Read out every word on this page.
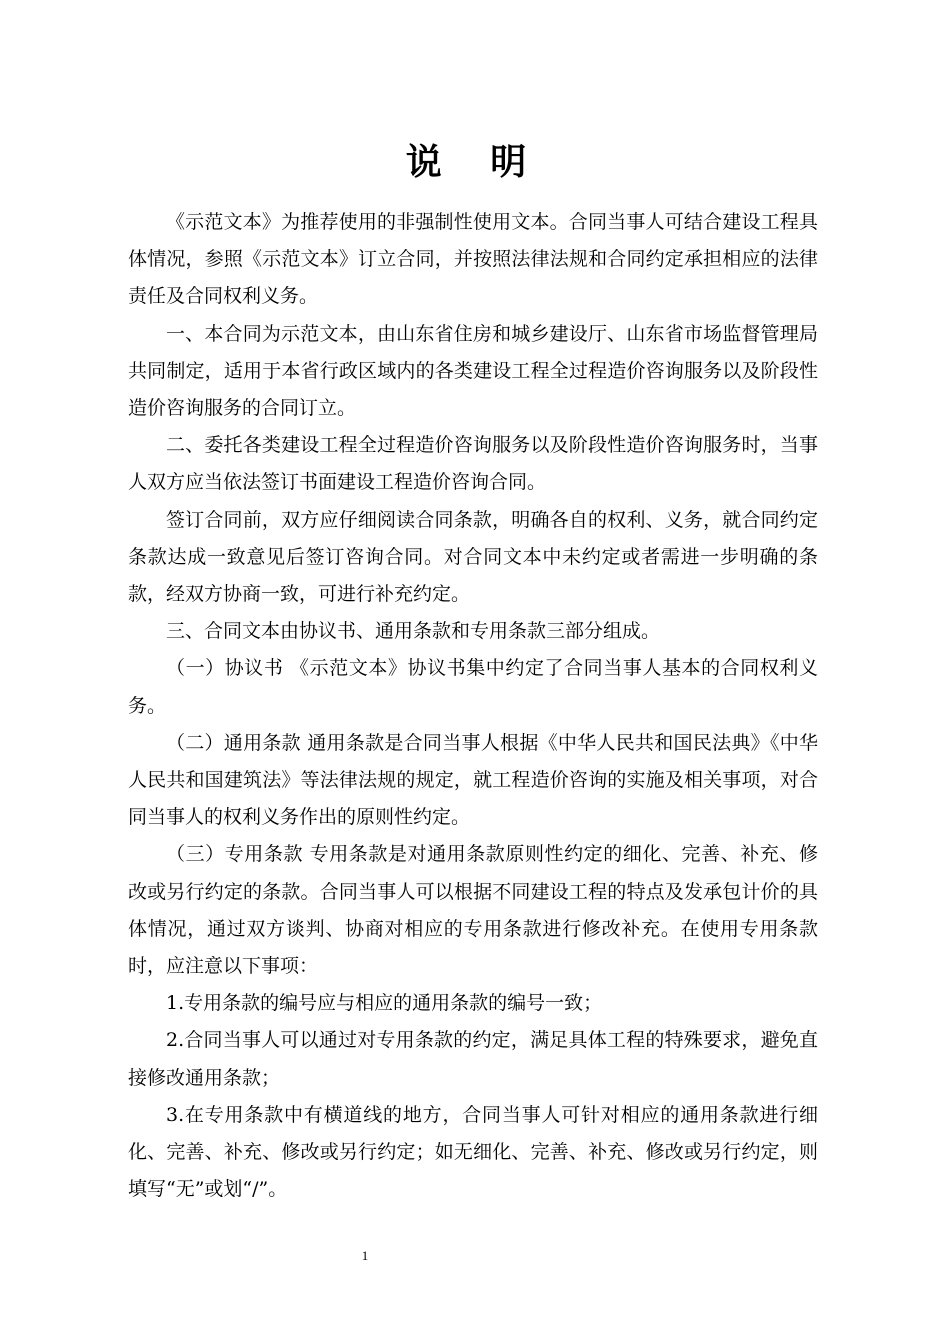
说 明

《示范文本》为推荐使用的非强制性使用文本。合同当事人可结合建设工程具体情况，参照《示范文本》订立合同，并按照法律法规和合同约定承担相应的法律责任及合同权利义务。

一、本合同为示范文本，由山东省住房和城乡建设厅、山东省市场监督管理局共同制定，适用于本省行政区域内的各类建设工程全过程造价咨询服务以及阶段性造价咨询服务的合同订立。

二、委托各类建设工程全过程造价咨询服务以及阶段性造价咨询服务时，当事人双方应当依法签订书面建设工程造价咨询合同。

签订合同前，双方应仔细阅读合同条款，明确各自的权利、义务，就合同约定条款达成一致意见后签订咨询合同。对合同文本中未约定或者需进一步明确的条款，经双方协商一致，可进行补充约定。

三、合同文本由协议书、通用条款和专用条款三部分组成。

（一）协议书 《示范文本》协议书集中约定了合同当事人基本的合同权利义务。

（二）通用条款 通用条款是合同当事人根据《中华人民共和国民法典》《中华人民共和国建筑法》等法律法规的规定，就工程造价咨询的实施及相关事项，对合同当事人的权利义务作出的原则性约定。

（三）专用条款 专用条款是对通用条款原则性约定的细化、完善、补充、修改或另行约定的条款。合同当事人可以根据不同建设工程的特点及发承包计价的具体情况，通过双方谈判、协商对相应的专用条款进行修改补充。在使用专用条款时，应注意以下事项：

1.专用条款的编号应与相应的通用条款的编号一致；

2.合同当事人可以通过对专用条款的约定，满足具体工程的特殊要求，避免直接修改通用条款；

3.在专用条款中有横道线的地方，合同当事人可针对相应的通用条款进行细化、完善、补充、修改或另行约定；如无细化、完善、补充、修改或另行约定，则填写“无”或划“/”。

1
